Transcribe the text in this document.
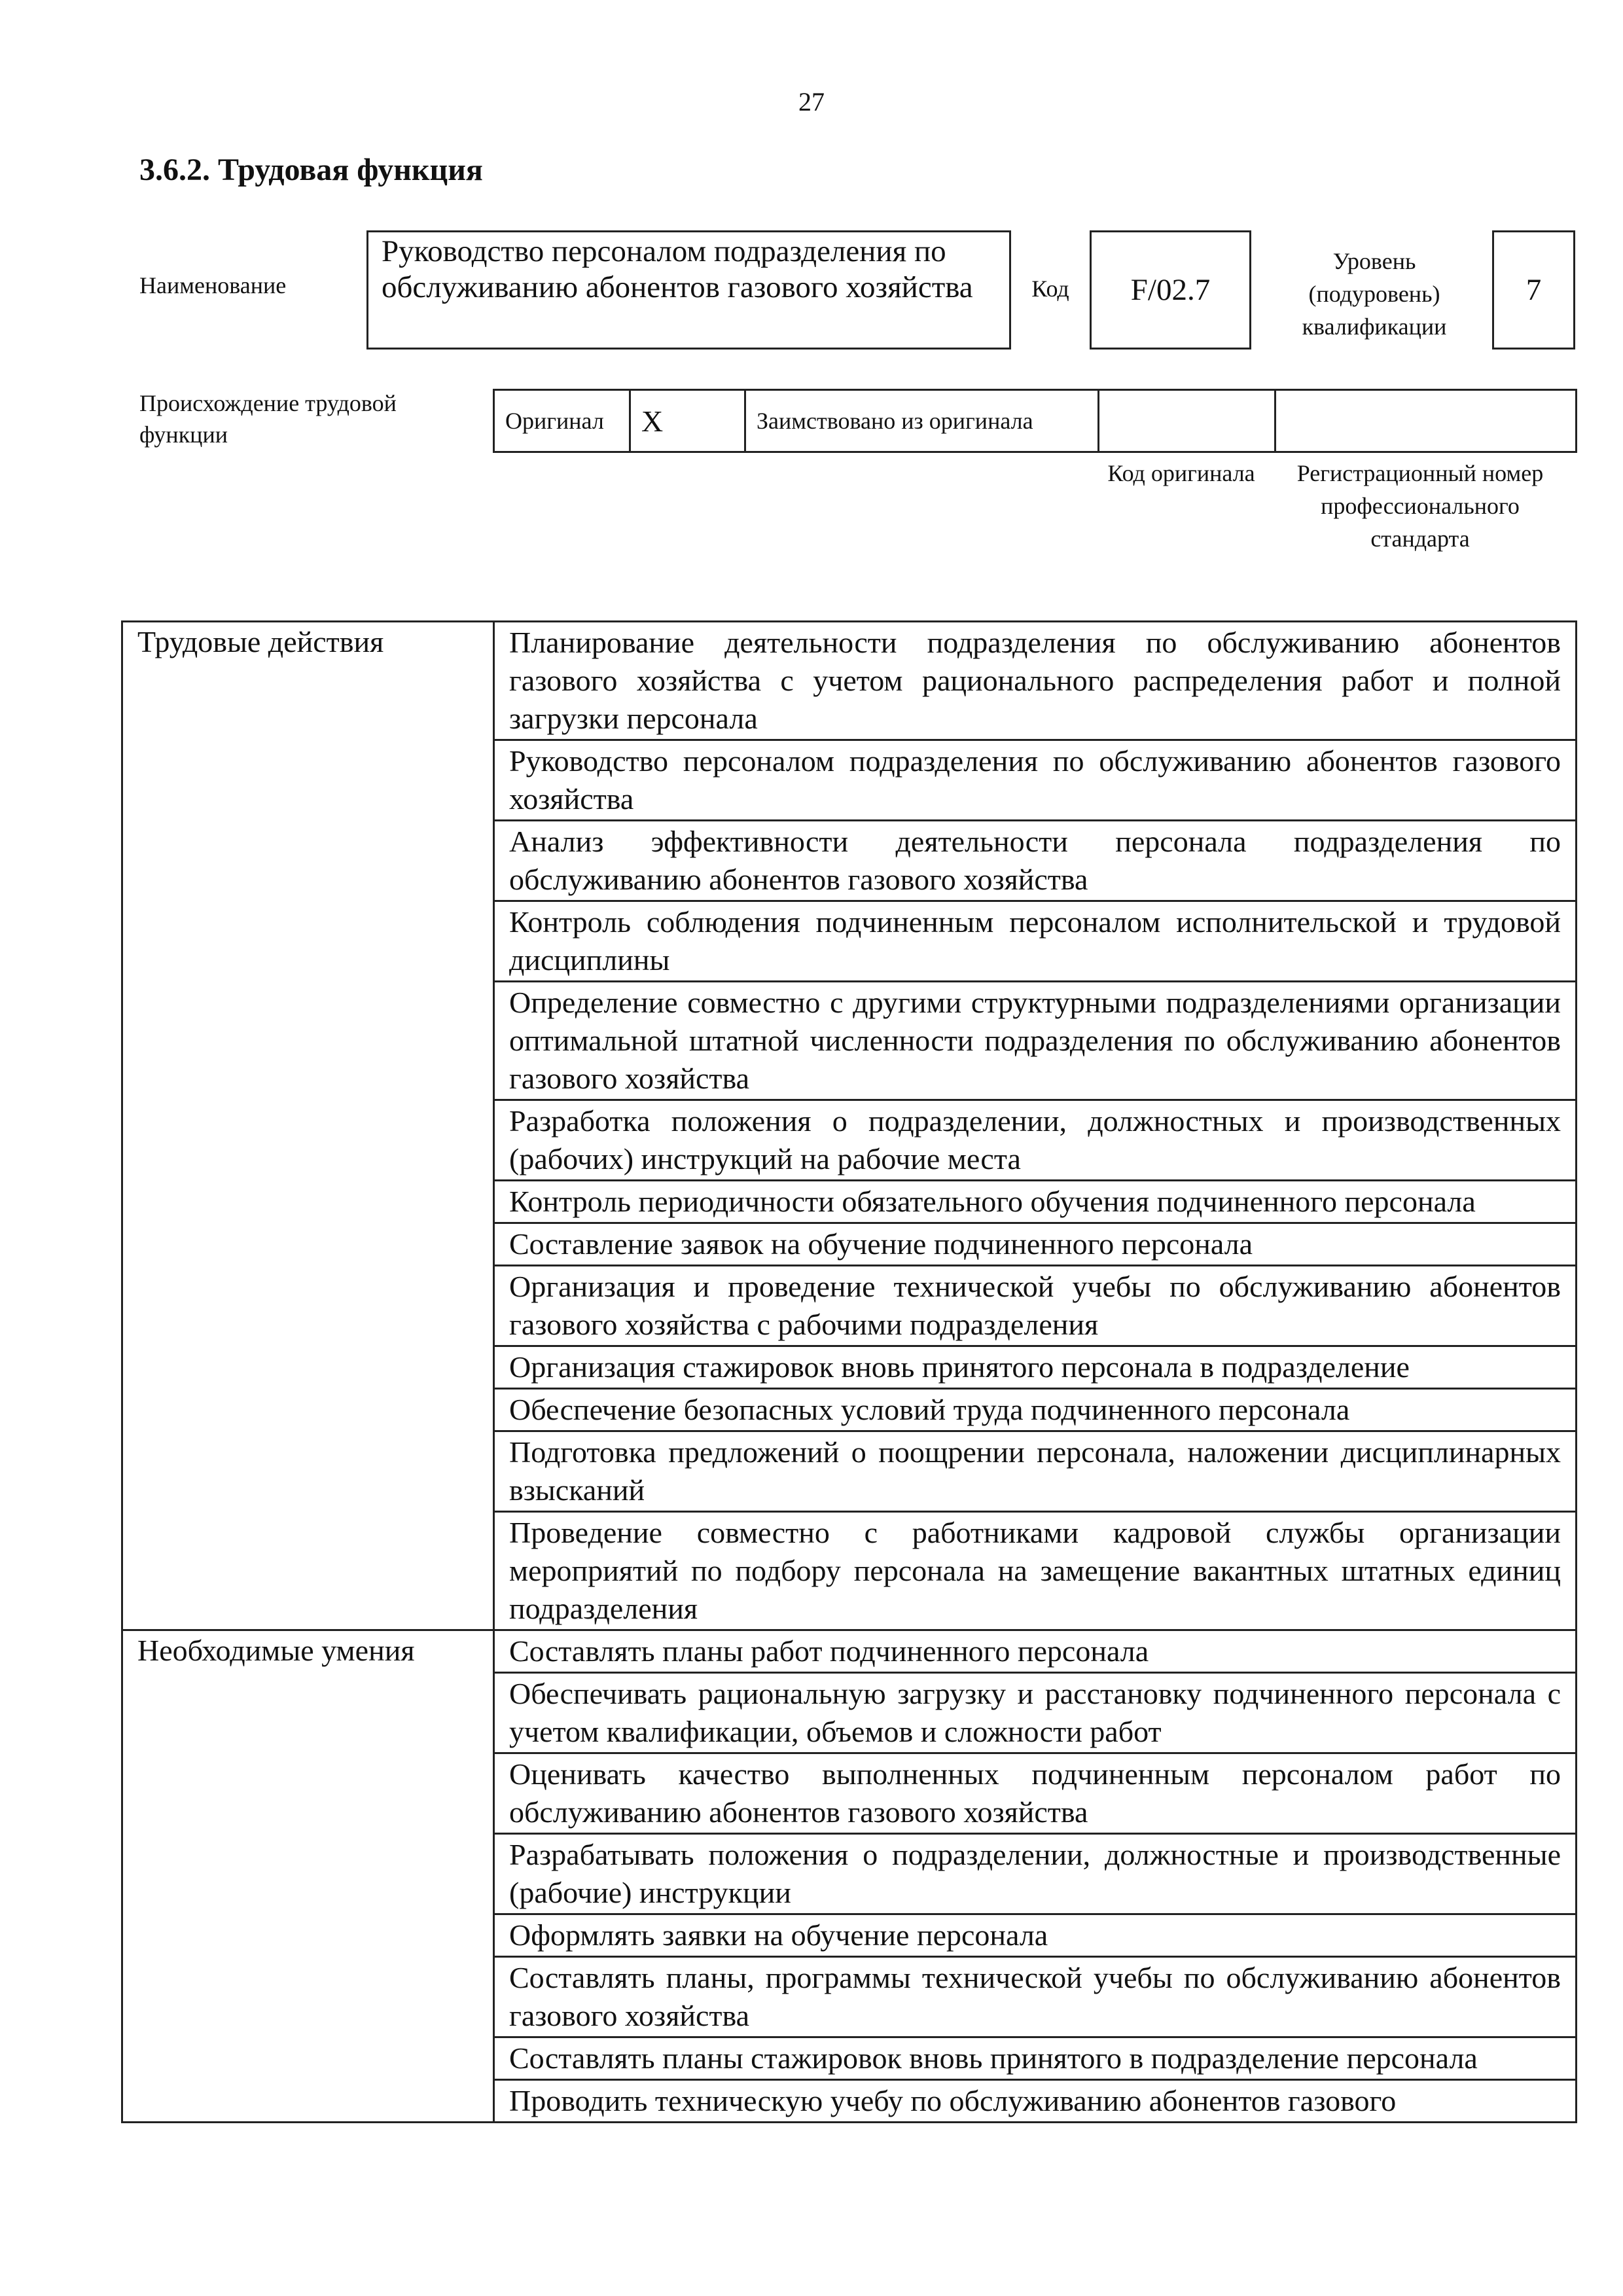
27
3.6.2. Трудовая функция
Наименование
Руководство персоналом подразделения по обслуживанию абонентов газового хозяйства	Код	F/02.7
Уровень (подуровень) квалификации
7
Происхождение трудовой функции
Оригинал	X	Заимствовано из оригинала		
Код оригинала	Регистрационный номер профессионального стандарта
Трудовые действия	Планирование деятельности подразделения по обслуживанию абонентов газового хозяйства с учетом рационального распределения работ и полной загрузки персонала
	Руководство персоналом подразделения по обслуживанию абонентов газового хозяйства
	Анализ эффективности деятельности персонала подразделения по обслуживанию абонентов газового хозяйства
	Контроль соблюдения подчиненным персоналом исполнительской и трудовой дисциплины
	Определение совместно с другими структурными подразделениями организации оптимальной штатной численности подразделения по обслуживанию абонентов газового хозяйства
	Разработка положения о подразделении, должностных и производственных (рабочих) инструкций на рабочие места
	Контроль периодичности обязательного обучения подчиненного персонала
	Составление заявок на обучение подчиненного персонала
	Организация и проведение технической учебы по обслуживанию абонентов газового хозяйства с рабочими подразделения
	Организация стажировок вновь принятого персонала в подразделение
	Обеспечение безопасных условий труда подчиненного персонала
	Подготовка предложений о поощрении персонала, наложении дисциплинарных взысканий
	Проведение совместно с работниками кадровой службы организации мероприятий по подбору персонала на замещение вакантных штатных единиц подразделения
Необходимые умения	Составлять планы работ подчиненного персонала
	Обеспечивать рациональную загрузку и расстановку подчиненного персонала с учетом квалификации, объемов и сложности работ
	Оценивать качество выполненных подчиненным персоналом работ по обслуживанию абонентов газового хозяйства
	Разрабатывать положения о подразделении, должностные и производственные (рабочие) инструкции
	Оформлять заявки на обучение персонала
	Составлять планы, программы технической учебы по обслуживанию абонентов газового хозяйства
	Составлять планы стажировок вновь принятого в подразделение персонала
	Проводить техническую учебу по обслуживанию абонентов газового
